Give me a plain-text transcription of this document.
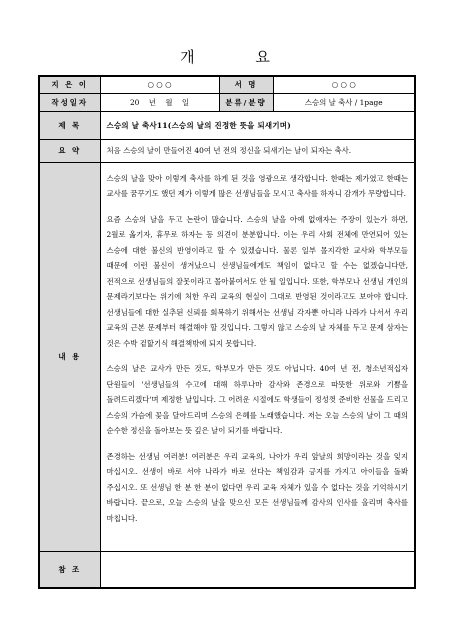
개 요
지 은 이	○ ○ ○	서 명	○ ○ ○
작성일자	20    년    월    일	분류/분량	스승의 날 축사 / 1page
제 목	스승의 날 축사11(스승의 날의 진정한 뜻을 되새기며)		
요 약	처음 스승의 날이 만들어진 40여 년 전의 정신을 되새기는 날이 되자는 축사.		
내 용	스승의 날을 맞아 이렇게 축사를 하게 된 것을 영광으로 생각합니다. 한때는 제가였고 한때는 교사를 꿈꾸기도 했던 제가 이렇게 많은 선생님들을 모시고 축사를 하자니 감개가 무량합니다.

요즘 스승의 날을 두고 논란이 많습니다. 스승의 날을 아예 없애자는 주장이 있는가 하면, 2월로 옮기자, 휴무로 하자는 등 의견이 분분합니다. 이는 우리 사회 전체에 만연되어 있는 스승에 대한 불신의 반영이라고 할 수 있겠습니다. 물론 일부 몰지각한 교사와 학부모들 때문에 이런 불신이 생겨났으니 선생님들에게도 책임이 없다고 할 수는 없겠습니다만, 전적으로 선생님들의 잘못이라고 몰아붙여서도 안 될 일입니다. 또한, 학부모나 선생님 개인의 문제라기보다는 위기에 처한 우리 교육의 현실이 그대로 반영된 것이라고도 보아야 합니다. 선생님들에 대한 실추된 신뢰를 회복하기 위해서는 선생님 각자뿐 아니라 나라가 나서서 우리 교육의 근본 문제부터 해결해야 할 것입니다. 그렇지 않고 스승의 날 자체를 두고 문제 삼자는 것은 수박 겉핥기식 해결책밖에 되지 못합니다.

스승의 날은 교사가 만든 것도, 학부모가 만든 것도 아닙니다. 40여 년 전, 청소년적십자 단원들이 '선생님들의 수고에 대해 하루나마 감사와 존경으로 따뜻한 위로와 기쁨을 돌려드리겠다'며 제정한 날입니다. 그 어려운 시절에도 학생들이 정성껏 준비한 선물을 드리고 스승의 가슴에 꽃을 달아드리며 스승의 은혜를 노래했습니다. 저는 오늘 스승의 날이 그 때의 순수한 정신을 돌아보는 뜻 깊은 날이 되기를 바랍니다.

존경하는 선생님 여러분! 여러분은 우리 교육의, 나아가 우리 앞날의 희망이라는 것을 잊지 마십시오. 선생이 바로 서야 나라가 바로 선다는 책임감과 긍지를 가지고 아이들을 돌봐 주십시오. 또 선생님 한 분 한 분이 없다면 우리 교육 자체가 있을 수 없다는 것을 기억하시기 바랍니다. 끝으로, 오늘 스승의 날을 맞으신 모든 선생님들께 감사의 인사를 올리며 축사를 마칩니다.		

참 조			
